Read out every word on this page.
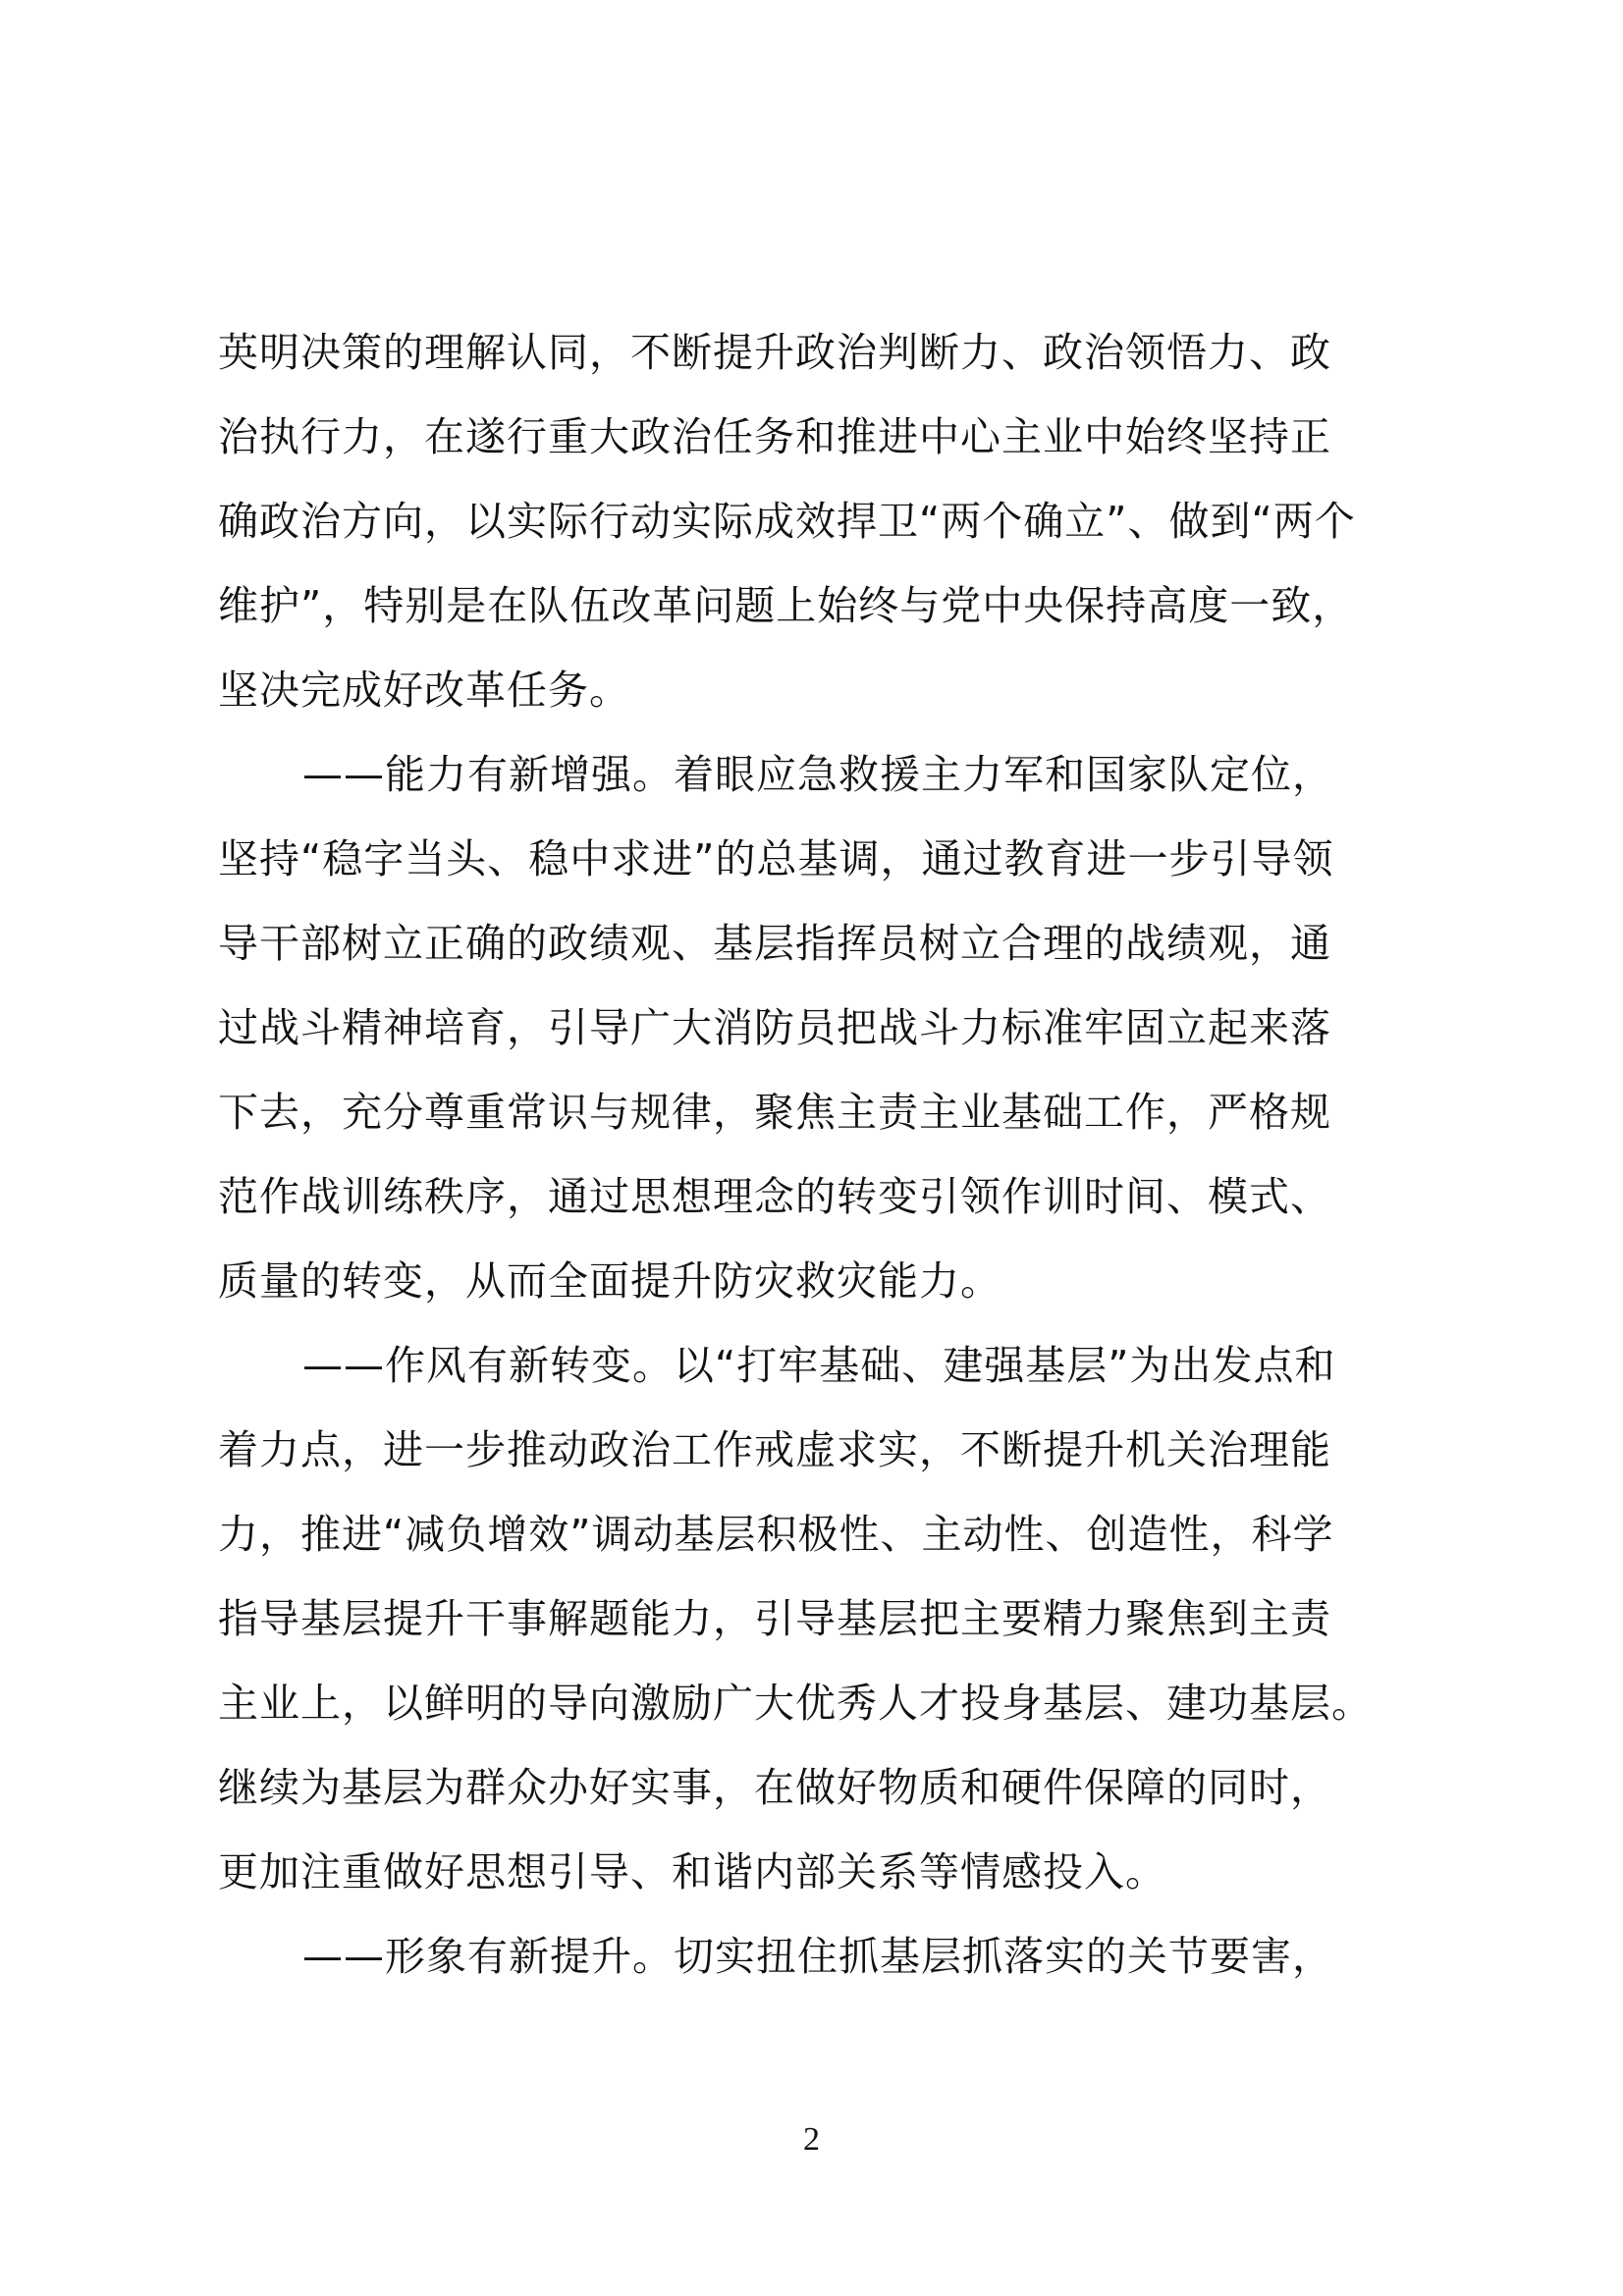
英明决策的理解认同，不断提升政治判断力、政治领悟力、政
治执行力，在遂行重大政治任务和推进中心主业中始终坚持正
确政治方向，以实际行动实际成效捍卫“两个确立”、做到“两个
维护”，特别是在队伍改革问题上始终与党中央保持高度一致，
坚决完成好改革任务。
——能力有新增强。着眼应急救援主力军和国家队定位，
坚持“稳字当头、稳中求进”的总基调，通过教育进一步引导领
导干部树立正确的政绩观、基层指挥员树立合理的战绩观，通
过战斗精神培育，引导广大消防员把战斗力标准牢固立起来落
下去，充分尊重常识与规律，聚焦主责主业基础工作，严格规
范作战训练秩序，通过思想理念的转变引领作训时间、模式、
质量的转变，从而全面提升防灾救灾能力。
——作风有新转变。以“打牢基础、建强基层”为出发点和
着力点，进一步推动政治工作戒虚求实，不断提升机关治理能
力，推进“减负增效”调动基层积极性、主动性、创造性，科学
指导基层提升干事解题能力，引导基层把主要精力聚焦到主责
主业上，以鲜明的导向激励广大优秀人才投身基层、建功基层。
继续为基层为群众办好实事，在做好物质和硬件保障的同时，
更加注重做好思想引导、和谐内部关系等情感投入。
——形象有新提升。切实扭住抓基层抓落实的关节要害，
2
